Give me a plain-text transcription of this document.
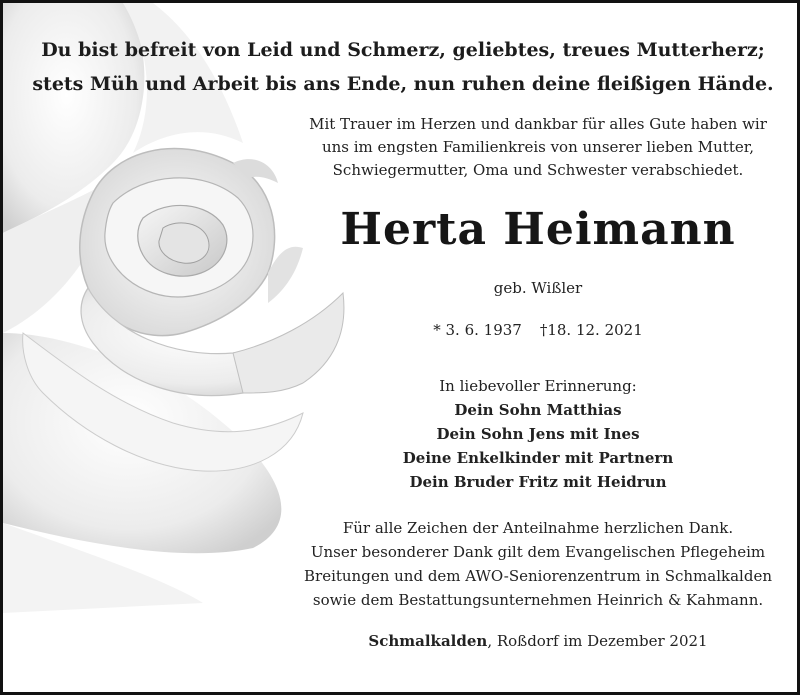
Du bist befreit von Leid und Schmerz, geliebtes, treues Mutterherz;
stets Müh und Arbeit bis ans Ende, nun ruhen deine fleißigen Hände.
Mit Trauer im Herzen und dankbar für alles Gute haben wir
uns im engsten Familienkreis von unserer lieben Mutter,
Schwiegermutter, Oma und Schwester verabschiedet.
Herta Heimann
geb. Wißler
* 3. 6. 1937 †18. 12. 2021
In liebevoller Erinnerung:
Dein Sohn Matthias
Dein Sohn Jens mit Ines
Deine Enkelkinder mit Partnern
Dein Bruder Fritz mit Heidrun
Für alle Zeichen der Anteilnahme herzlichen Dank.
Unser besonderer Dank gilt dem Evangelischen Pflegeheim
Breitungen und dem AWO-Seniorenzentrum in Schmalkalden
sowie dem Bestattungsunternehmen Heinrich & Kahmann.
Schmalkalden, Roßdorf im Dezember 2021
